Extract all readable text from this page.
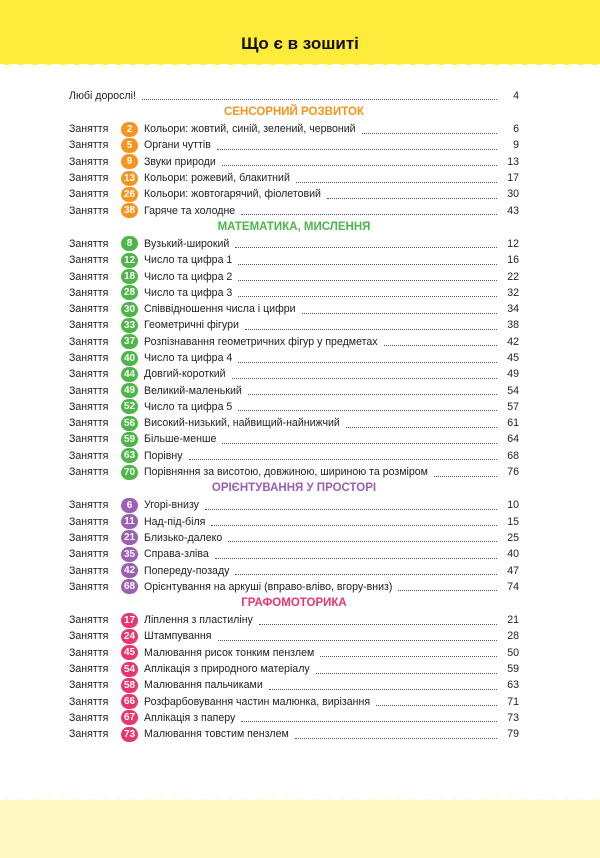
Що є в зошиті
Любі дорослі!	4
СЕНСОРНИЙ РОЗВИТОК
Заняття	2	Кольори: жовтий, синій, зелений, червоний	6
Заняття	5	Органи чуттів	9
Заняття	9	Звуки природи	13
Заняття	13 Кольори: рожевий, блакитний	17
Заняття	26 Кольори: жовтогарячий, фіолетовий	30
Заняття	38 Гаряче та холодне	43
МАТЕМАТИКА, МИСЛЕННЯ
Заняття	8	Вузький-широкий	12
Заняття	12 Число та цифра 1	16
Заняття	18 Число та цифра 2	22
Заняття	28 Число та цифра 3	32
Заняття	30 Співвідношення числа і цифри	34
Заняття	33 Геометричні фігури	38
Заняття	37 Розпізнавання геометричних фігур у предметах	42
Заняття	40 Число та цифра 4	45
Заняття	44 Довгий-короткий	49
Заняття	49 Великий-маленький	54
Заняття	52 Число та цифра 5	57
Заняття	56 Високий-низький, найвищий-найнижчий	61
Заняття	59 Більше-менше	64
Заняття	63 Порівну	68
Заняття	70 Порівняння за висотою, довжиною, шириною та розміром	76
ОРІЄНТУВАННЯ У ПРОСТОРІ
Заняття	6	Угорі-внизу	10
Заняття	11 Над-під-біля	15
Заняття	21 Близько-далеко	25
Заняття	35 Справа-зліва	40
Заняття	42 Попереду-позаду	47
Заняття	68 Орієнтування на аркуші (вправо-вліво, вгору-вниз)	74
ГРАФОМОТОРИКА
Заняття	17 Ліплення з пластиліну	21
Заняття	24 Штампування	28
Заняття	45 Малювання рисок тонким пензлем	50
Заняття	54 Аплікація з природного матеріалу	59
Заняття	58 Малювання пальчиками	63
Заняття	66 Розфарбовування частин малюнка, вирізання	71
Заняття	67 Аплікація з паперу	73
Заняття	73 Малювання товстим пензлем	79
